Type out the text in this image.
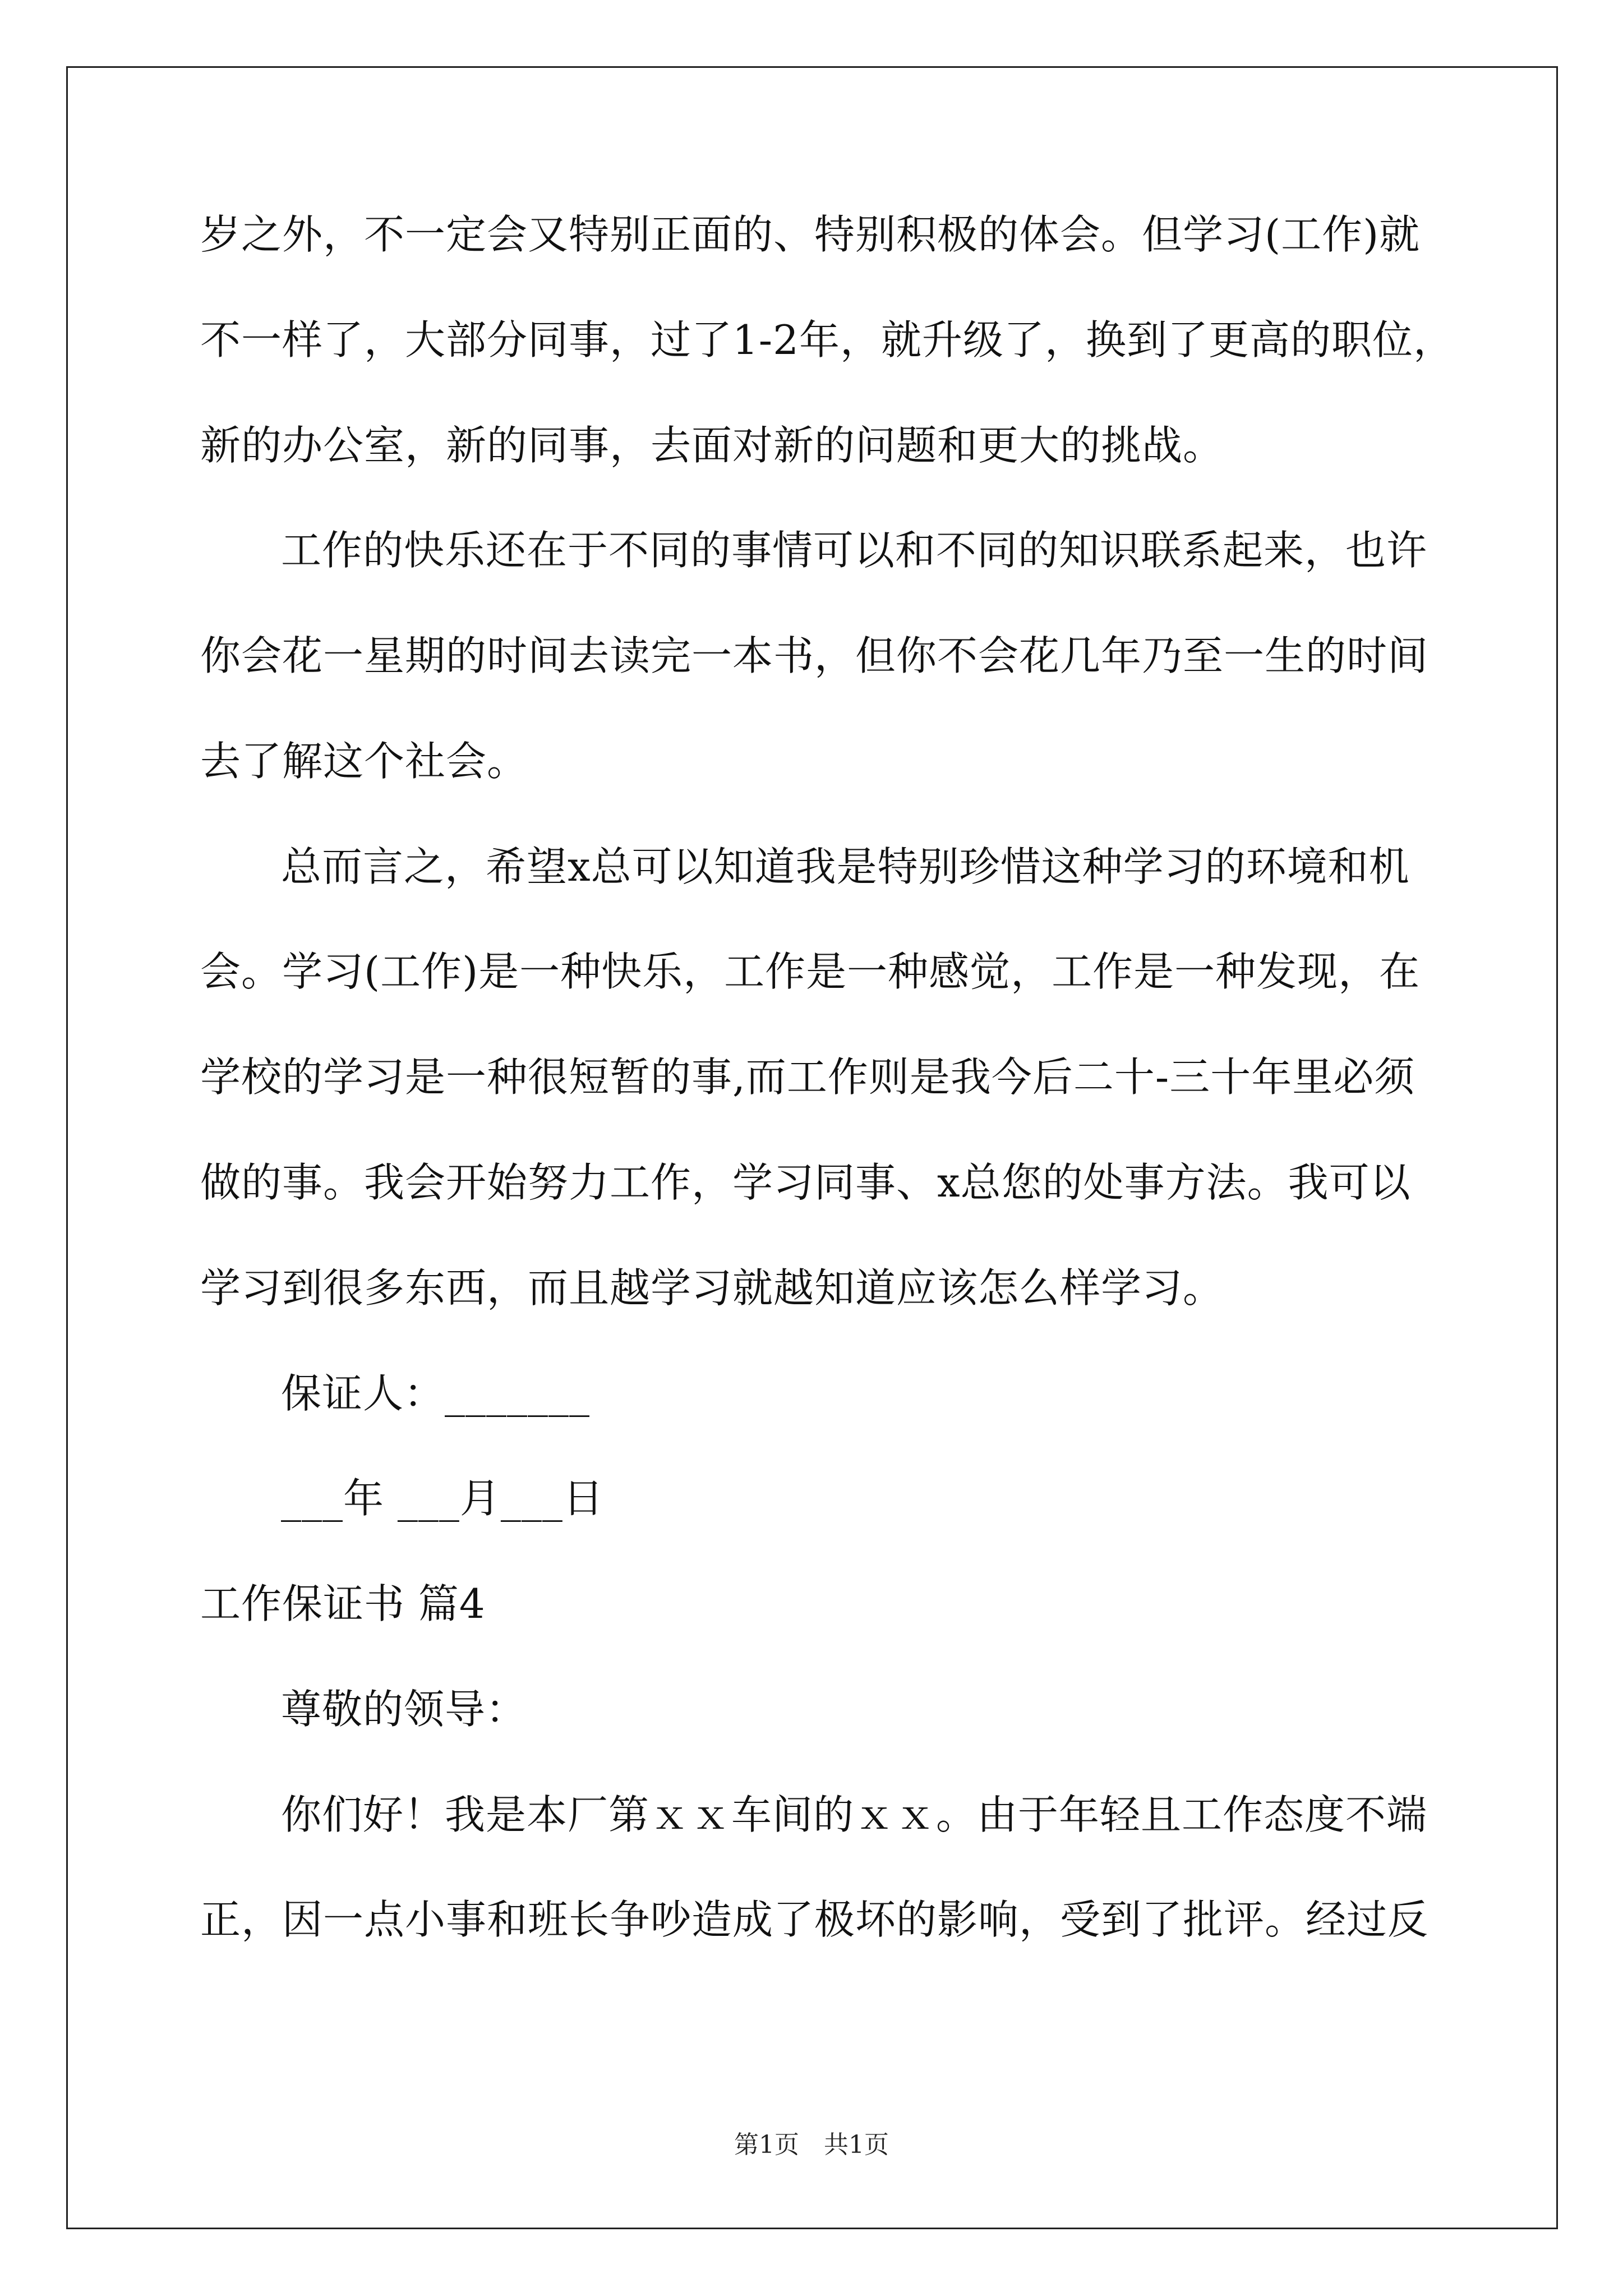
岁之外，不一定会又特别正面的、特别积极的体会。但学习(工作)就
不一样了，大部分同事，过了1-2年，就升级了，换到了更高的职位，
新的办公室，新的同事，去面对新的问题和更大的挑战。
工作的快乐还在于不同的事情可以和不同的知识联系起来，也许
你会花一星期的时间去读完一本书，但你不会花几年乃至一生的时间
去了解这个社会。
总而言之，希望x总可以知道我是特别珍惜这种学习的环境和机
会。学习(工作)是一种快乐，工作是一种感觉，工作是一种发现，在
学校的学习是一种很短暂的事,而工作则是我今后二十-三十年里必须
做的事。我会开始努力工作，学习同事、x总您的处事方法。我可以
学习到很多东西，而且越学习就越知道应该怎么样学习。
保证人：_______
___年 ___月___日
工作保证书 篇4
尊敬的领导：
你们好！我是本厂第ｘｘ车间的ｘｘ。由于年轻且工作态度不端
正，因一点小事和班长争吵造成了极坏的影响，受到了批评。经过反
第1页　共1页
